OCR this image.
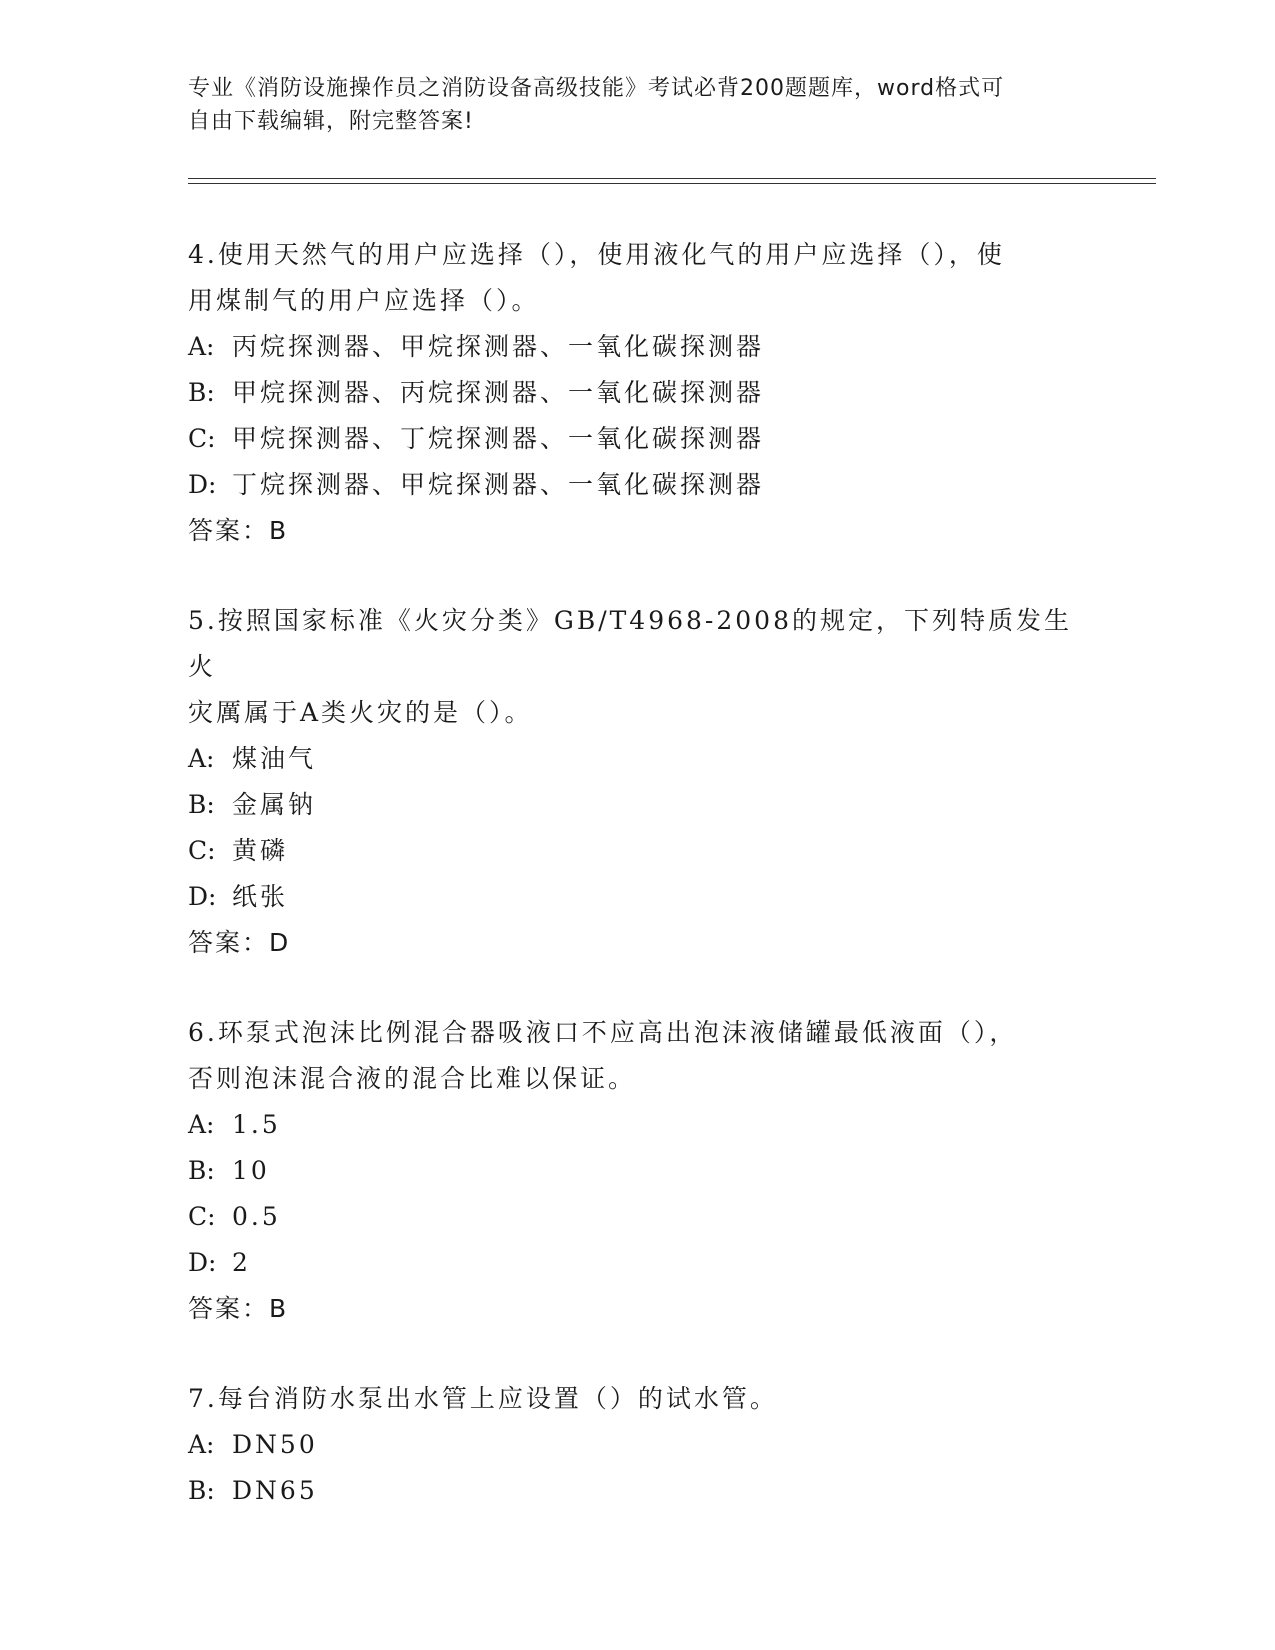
专业《消防设施操作员之消防设备高级技能》考试必背200题题库，word格式可
自由下载编辑，附完整答案!
4.使用天然气的用户应选择（），使用液化气的用户应选择（），使
用煤制气的用户应选择（）。
A: 丙烷探测器、甲烷探测器、一氧化碳探测器
B: 甲烷探测器、丙烷探测器、一氧化碳探测器
C: 甲烷探测器、丁烷探测器、一氧化碳探测器
D: 丁烷探测器、甲烷探测器、一氧化碳探测器
答案：B
5.按照国家标准《火灾分类》GB/T4968-2008的规定，下列特质发生火
灾厲属于A类火灾的是（）。
A: 煤油气
B: 金属钠
C: 黄磷
D: 纸张
答案：D
6.环泵式泡沫比例混合器吸液口不应高出泡沫液储罐最低液面（），
否则泡沫混合液的混合比难以保证。
A: 1.5
B: 10
C: 0.5
D: 2
答案：B
7.每台消防水泵出水管上应设置（）的试水管。
A: DN50
B: DN65
